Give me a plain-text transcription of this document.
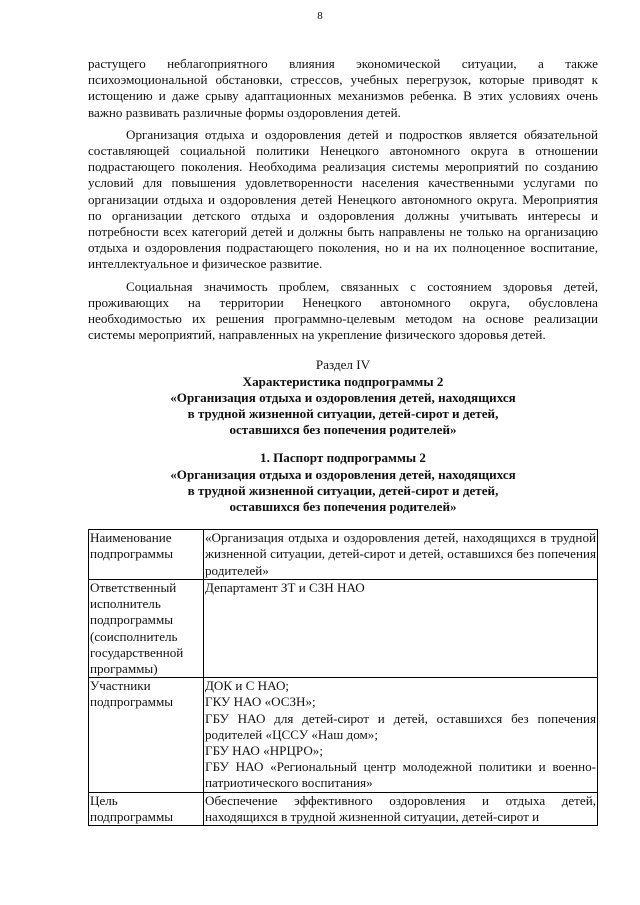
8

растущего неблагоприятного влияния экономической ситуации, а также психоэмоциональной обстановки, стрессов, учебных перегрузок, которые приводят к истощению и даже срыву адаптационных механизмов ребенка. В этих условиях очень важно развивать различные формы оздоровления детей.

Организация отдыха и оздоровления детей и подростков является обязательной составляющей социальной политики Ненецкого автономного округа в отношении подрастающего поколения. Необходима реализация системы мероприятий по созданию условий для повышения удовлетворенности населения качественными услугами по организации отдыха и оздоровления детей Ненецкого автономного округа. Мероприятия по организации детского отдыха и оздоровления должны учитывать интересы и потребности всех категорий детей и должны быть направлены не только на организацию отдыха и оздоровления подрастающего поколения, но и на их полноценное воспитание, интеллектуальное и физическое развитие.

Социальная значимость проблем, связанных с состоянием здоровья детей, проживающих на территории Ненецкого автономного округа, обусловлена необходимостью их решения программно-целевым методом на основе реализации системы мероприятий, направленных на укрепление физического здоровья детей.

Раздел IV

Характеристика подпрограммы 2

«Организация отдыха и оздоровления детей, находящихся

в трудной жизненной ситуации, детей-сирот и детей,

оставшихся без попечения родителей»

1. Паспорт подпрограммы 2

«Организация отдыха и оздоровления детей, находящихся

в трудной жизненной ситуации, детей-сирот и детей,

оставшихся без попечения родителей»

Наименование подпрограммы	«Организация отдыха и оздоровления детей, находящихся в трудной жизненной ситуации, детей-сирот и детей, оставшихся без попечения родителей»

Ответственный исполнитель подпрограммы (соисполнитель государственной программы)	Департамент ЗТ и СЗН НАО

Участники подпрограммы	ДОК и С НАО;
ГКУ НАО «ОСЗН»;
ГБУ НАО для детей-сирот и детей, оставшихся без попечения родителей «ЦССУ «Наш дом»;
ГБУ НАО «НРЦРО»;
ГБУ НАО «Региональный центр молодежной политики и военно-патриотического воспитания»

Цель подпрограммы	Обеспечение эффективного оздоровления и отдыха детей, находящихся в трудной жизненной ситуации, детей-сирот и
